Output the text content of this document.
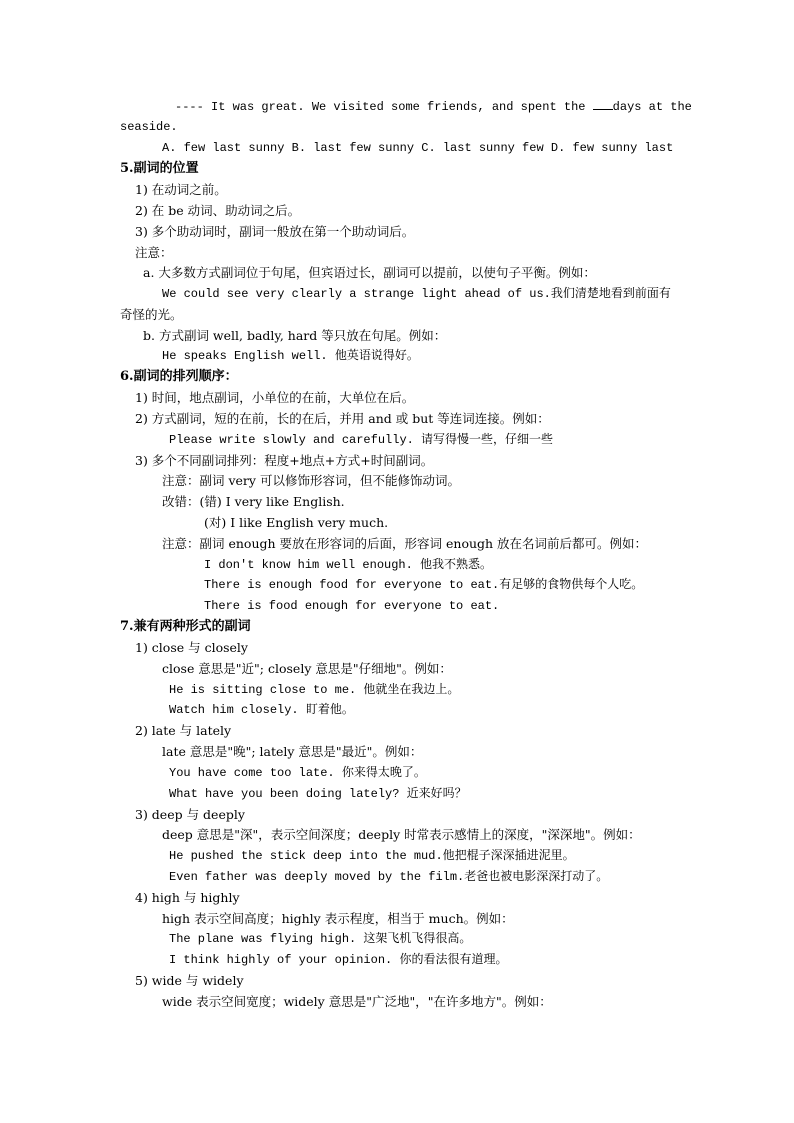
---- It was great. We visited some friends, and spent the days at the
seaside.
A. few last sunny B. last few sunny C. last sunny few D. few sunny last
5.副词的位置
1) 在动词之前。
2) 在 be 动词、助动词之后。
3) 多个助动词时，副词一般放在第一个助动词后。
注意：
a. 大多数方式副词位于句尾，但宾语过长，副词可以提前，以使句子平衡。例如：
We could see very clearly a strange light ahead of us.我们清楚地看到前面有
奇怪的光。
b. 方式副词 well, badly, hard 等只放在句尾。例如：
He speaks English well. 他英语说得好。
6.副词的排列顺序：
1) 时间，地点副词，小单位的在前，大单位在后。
2) 方式副词，短的在前，长的在后，并用 and 或 but 等连词连接。例如：
Please write slowly and carefully. 请写得慢一些，仔细一些
3) 多个不同副词排列：程度+地点+方式+时间副词。
注意：副词 very 可以修饰形容词，但不能修饰动词。
改错：(错) I very like English.
(对) I like English very much.
注意：副词 enough 要放在形容词的后面，形容词 enough 放在名词前后都可。例如：
I don't know him well enough. 他我不熟悉。
There is enough food for everyone to eat.有足够的食物供每个人吃。
There is food enough for everyone to eat.
7.兼有两种形式的副词
1) close 与 closely
close 意思是"近"; closely 意思是"仔细地"。例如：
He is sitting close to me. 他就坐在我边上。
Watch him closely. 盯着他。
2) late 与 lately
late 意思是"晚"; lately 意思是"最近"。例如：
You have come too late. 你来得太晚了。
What have you been doing lately? 近来好吗？
3) deep 与 deeply
deep 意思是"深"，表示空间深度；deeply 时常表示感情上的深度，"深深地"。例如：
He pushed the stick deep into the mud.他把棍子深深插进泥里。
Even father was deeply moved by the film.老爸也被电影深深打动了。
4) high 与 highly
high 表示空间高度；highly 表示程度，相当于 much。例如：
The plane was flying high. 这架飞机飞得很高。
I think highly of your opinion. 你的看法很有道理。
5) wide 与 widely
wide 表示空间宽度；widely 意思是"广泛地"，"在许多地方"。例如：
